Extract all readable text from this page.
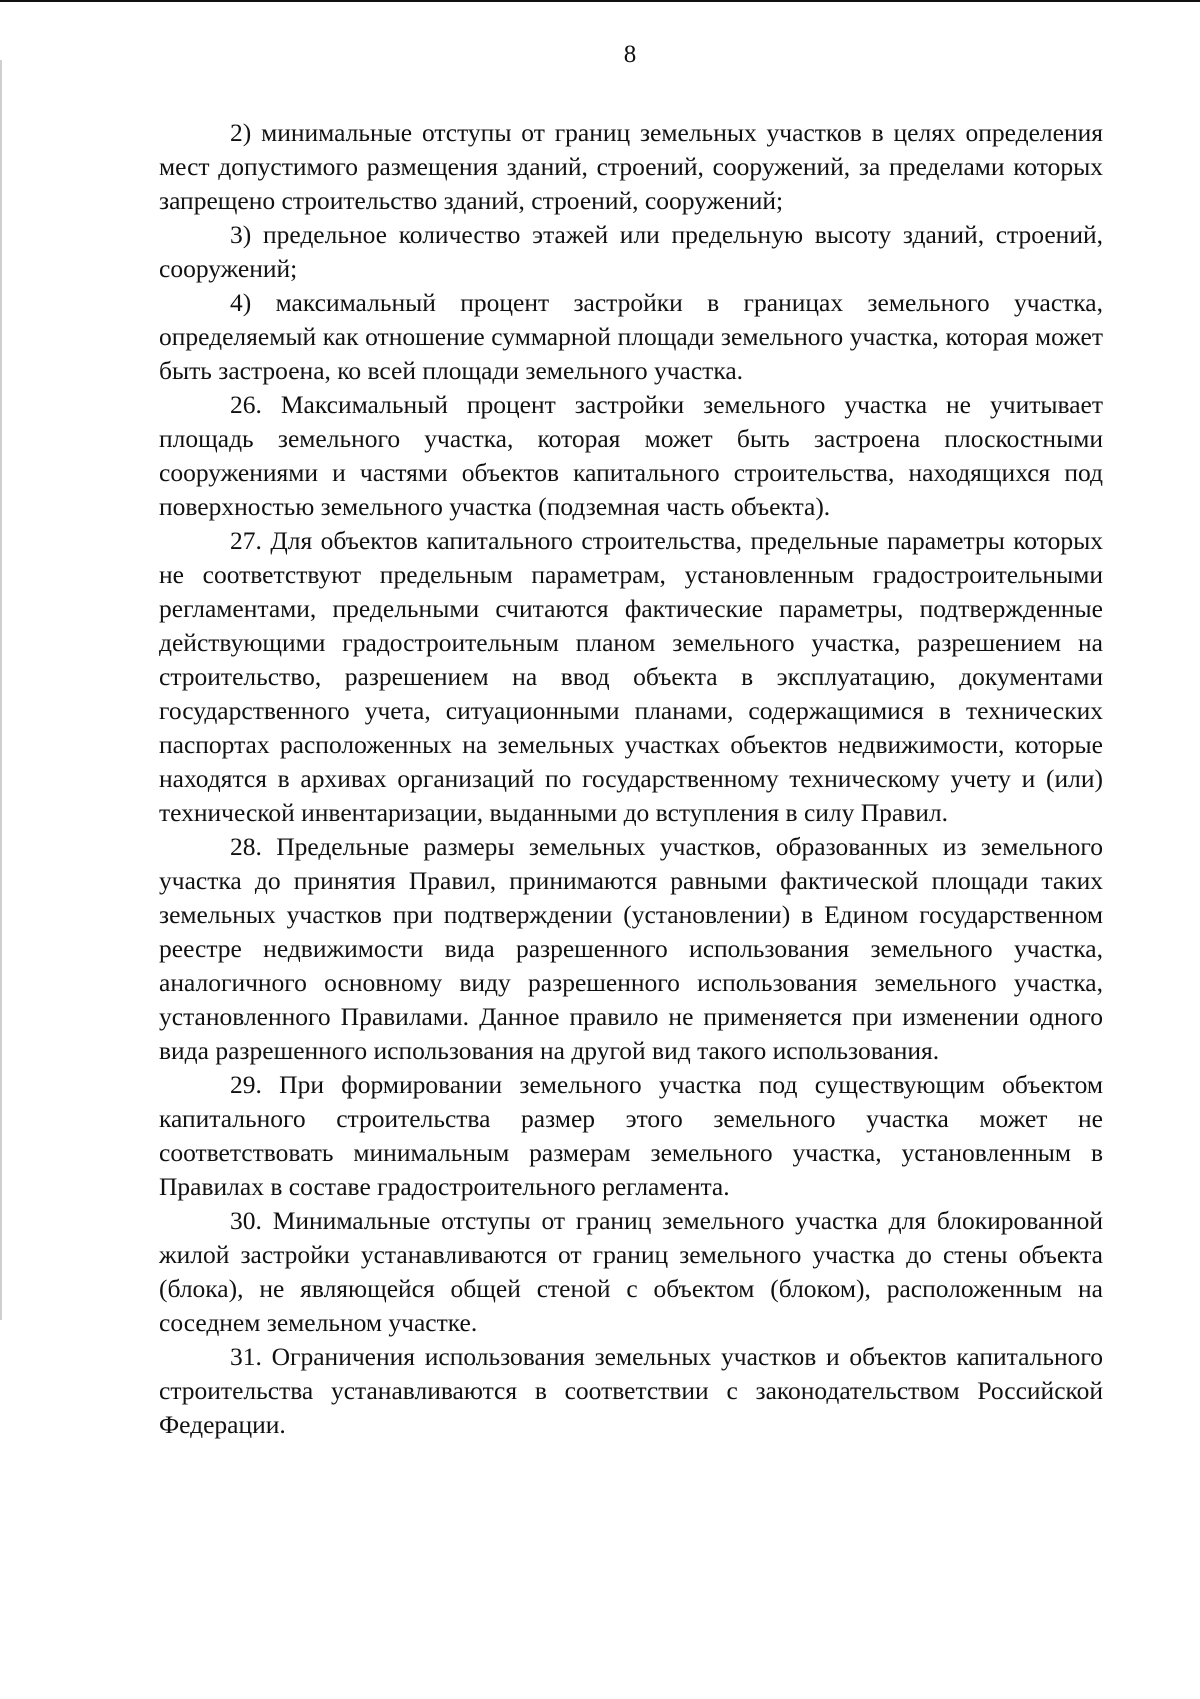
8

2) минимальные отступы от границ земельных участков в целях определения мест допустимого размещения зданий, строений, сооружений, за пределами которых запрещено строительство зданий, строений, сооружений;

3) предельное количество этажей или предельную высоту зданий, строений, сооружений;

4) максимальный процент застройки в границах земельного участка, определяемый как отношение суммарной площади земельного участка, которая может быть застроена, ко всей площади земельного участка.

26. Максимальный процент застройки земельного участка не учитывает площадь земельного участка, которая может быть застроена плоскостными сооружениями и частями объектов капитального строительства, находящихся под поверхностью земельного участка (подземная часть объекта).

27. Для объектов капитального строительства, предельные параметры которых не соответствуют предельным параметрам, установленным градостроительными регламентами, предельными считаются фактические параметры, подтвержденные действующими градостроительным планом земельного участка, разрешением на строительство, разрешением на ввод объекта в эксплуатацию, документами государственного учета, ситуационными планами, содержащимися в технических паспортах расположенных на земельных участках объектов недвижимости, которые находятся в архивах организаций по государственному техническому учету и (или) технической инвентаризации, выданными до вступления в силу Правил.

28. Предельные размеры земельных участков, образованных из земельного участка до принятия Правил, принимаются равными фактической площади таких земельных участков при подтверждении (установлении) в Едином государственном реестре недвижимости вида разрешенного использования земельного участка, аналогичного основному виду разрешенного использования земельного участка, установленного Правилами. Данное правило не применяется при изменении одного вида разрешенного использования на другой вид такого использования.

29. При формировании земельного участка под существующим объектом капитального строительства размер этого земельного участка может не соответствовать минимальным размерам земельного участка, установленным в Правилах в составе градостроительного регламента.

30. Минимальные отступы от границ земельного участка для блокированной жилой застройки устанавливаются от границ земельного участка до стены объекта (блока), не являющейся общей стеной с объектом (блоком), расположенным на соседнем земельном участке.

31. Ограничения использования земельных участков и объектов капитального строительства устанавливаются в соответствии с законодательством Российской Федерации.
